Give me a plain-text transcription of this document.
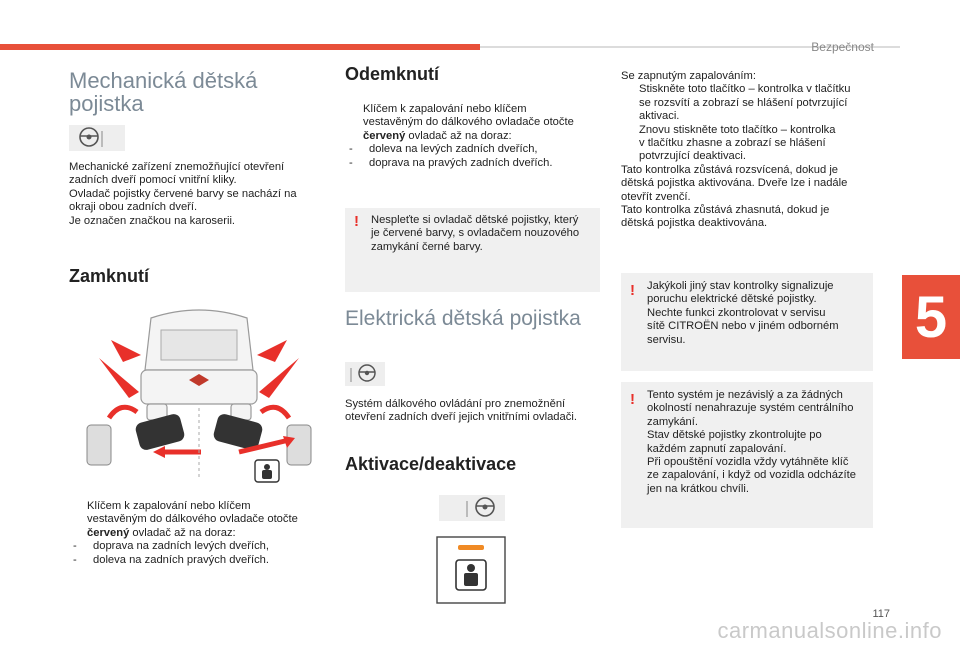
Bezpečnost
5
Mechanická dětská
pojistka
Mechanické zařízení znemožňující otevření
zadních dveří pomocí vnitřní kliky.
Ovladač pojistky červené barvy se nachází na
okraji obou zadních dveří.
Je označen značkou na karoserii.
Zamknutí
Klíčem k zapalování nebo klíčem
vestavěným do dálkového ovladače otočte
červený ovladač až na doraz:
- doprava na zadních levých dveřích,
- doleva na zadních pravých dveřích.
Odemknutí
Klíčem k zapalování nebo klíčem
vestavěným do dálkového ovladače otočte
červený ovladač až na doraz:
- doleva na levých zadních dveřích,
- doprava na pravých zadních dveřích.
! Nespleťte si ovladač dětské pojistky, který
je červené barvy, s ovladačem nouzového
zamykání černé barvy.
Elektrická dětská pojistka
Systém dálkového ovládání pro znemožnění
otevření zadních dveří jejich vnitřními ovladači.
Aktivace/deaktivace
Se zapnutým zapalováním:
Stiskněte toto tlačítko – kontrolka v tlačítku
se rozsvítí a zobrazí se hlášení potvrzující
aktivaci.
Znovu stiskněte toto tlačítko – kontrolka
v tlačítku zhasne a zobrazí se hlášení
potvrzující deaktivaci.
Tato kontrolka zůstává rozsvícená, dokud je
dětská pojistka aktivována. Dveře lze i nadále
otevřít zvenčí.
Tato kontrolka zůstává zhasnutá, dokud je
dětská pojistka deaktivována.
! Jakýkoli jiný stav kontrolky signalizuje
poruchu elektrické dětské pojistky.
Nechte funkci zkontrolovat v servisu
sítě CITROËN nebo v jiném odborném
servisu.
! Tento systém je nezávislý a za žádných
okolností nenahrazuje systém centrálního
zamykání.
Stav dětské pojistky zkontrolujte po
každém zapnutí zapalování.
Při opouštění vozidla vždy vytáhněte klíč
ze zapalování, i když od vozidla odcházíte
jen na krátkou chvíli.
117
carmanualsonline.info
